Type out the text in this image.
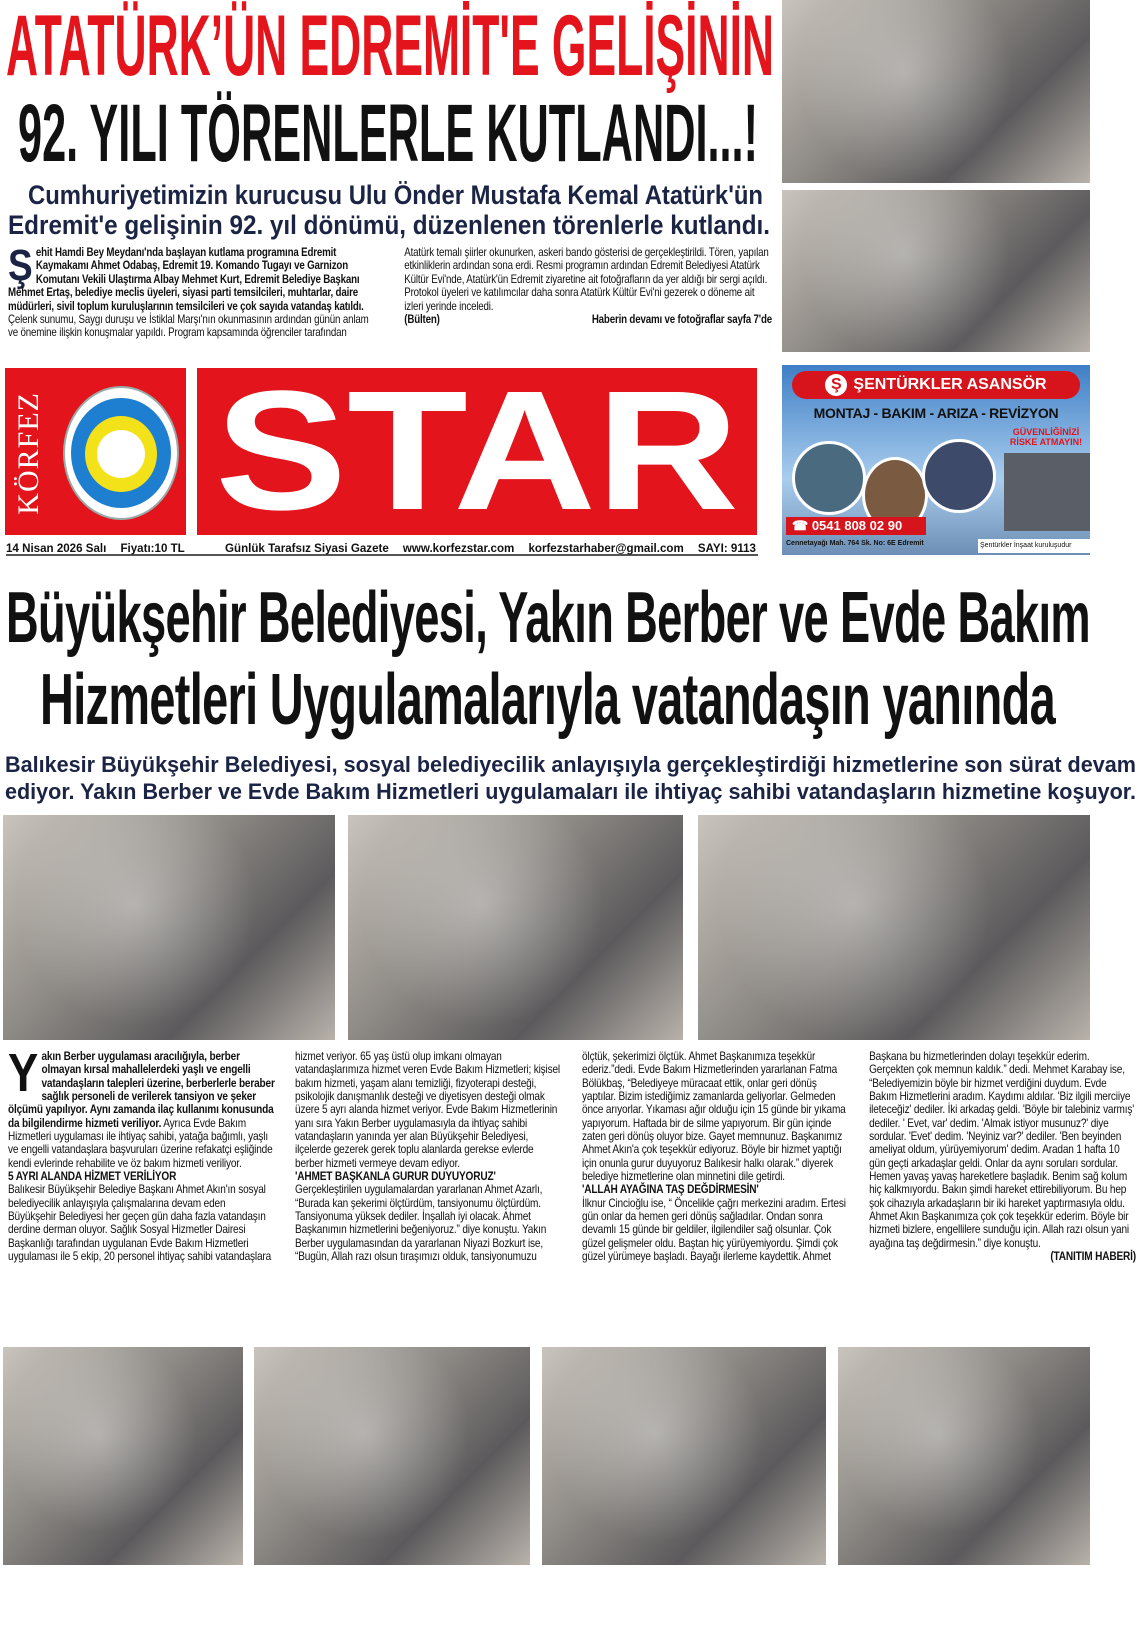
ATATÜRK’ÜN EDREMİT'E GELİŞİNİN
92. YILI TÖRENLERLE KUTLANDI...!
Cumhuriyetimizin kurucusu Ulu Önder Mustafa Kemal Atatürk'ün
Edremit'e gelişinin 92. yıl dönümü, düzenlenen törenlerle kutlandı.
Şehit Hamdi Bey Meydanı'nda başlayan kutlama programına Edremit Kaymakamı Ahmet Odabaş, Edremit 19. Komando Tugayı ve Garnizon Komutanı Vekili Ulaştırma Albay Mehmet Kurt, Edremit Belediye Başkanı Mehmet Ertaş, belediye meclis üyeleri, siyasi parti temsilcileri, muhtarlar, daire müdürleri, sivil toplum kuruluşlarının temsilcileri ve çok sayıda vatandaş katıldı. Çelenk sunumu, Saygı duruşu ve İstiklal Marşı'nın okunmasının ardından günün anlam ve önemine ilişkin konuşmalar yapıldı. Program kapsamında öğrenciler tarafından Atatürk temalı şiirler okunurken, askeri bando gösterisi de gerçekleştirildi. Tören, yapılan etkinliklerin ardından sona erdi. Resmi programın ardından Edremit Belediyesi Atatürk Kültür Evi'nde, Atatürk'ün Edremit ziyaretine ait fotoğrafların da yer aldığı bir sergi açıldı. Protokol üyeleri ve katılımcılar daha sonra Atatürk Kültür Evi'ni gezerek o döneme ait izleri yerinde inceledi.
(Bülten)	Haberin devamı ve fotoğraflar sayfa 7'de
KÖRFEZ STAR
14 Nisan 2026 Salı Fiyatı:10 TL	Günlük Tarafsız Siyasi Gazete www.korfezstar.com korfezstarhaber@gmail.com SAYI: 9113
Ş ŞENTÜRKLER ASANSÖR
MONTAJ - BAKIM - ARIZA - REVİZYON
GÜVENLİĞİNİZİ
RİSKE ATMAYIN!
☎ 0541 808 02 90
Cennetayağı Mah. 764 Sk. No: 6E Edremit	Şentürkler İnşaat kuruluşudur
Büyükşehir Belediyesi, Yakın Berber ve Evde Bakım
Hizmetleri Uygulamalarıyla vatandaşın yanında
Balıkesir Büyükşehir Belediyesi, sosyal belediyecilik anlayışıyla gerçekleştirdiği hizmetlerine son sürat devam
ediyor. Yakın Berber ve Evde Bakım Hizmetleri uygulamaları ile ihtiyaç sahibi vatandaşların hizmetine koşuyor.
Y akın Berber uygulaması aracılığıyla, berber olmayan kırsal mahallelerdeki yaşlı ve engelli vatandaşların talepleri üzerine, berberlerle beraber sağlık personeli de verilerek tansiyon ve şeker ölçümü yapılıyor. Aynı zamanda ilaç kullanımı konusunda da bilgilendirme hizmeti veriliyor. Ayrıca Evde Bakım Hizmetleri uygulaması ile ihtiyaç sahibi, yatağa bağımlı, yaşlı ve engelli vatandaşlara başvuruları üzerine refakatçi eşliğinde kendi evlerinde rehabilite ve öz bakım hizmeti veriliyor.
5 AYRI ALANDA HİZMET VERİLİYOR
Balıkesir Büyükşehir Belediye Başkanı Ahmet Akın'ın sosyal belediyecilik anlayışıyla çalışmalarına devam eden Büyükşehir Belediyesi her geçen gün daha fazla vatandaşın derdine derman oluyor. Sağlık Sosyal Hizmetler Dairesi Başkanlığı tarafından uygulanan Evde Bakım Hizmetleri uygulaması ile 5 ekip, 20 personel ihtiyaç sahibi vatandaşlara hizmet veriyor. 65 yaş üstü olup imkanı olmayan vatandaşlarımıza hizmet veren Evde Bakım Hizmetleri; kişisel bakım hizmeti, yaşam alanı temizliği, fizyoterapi desteği, psikolojik danışmanlık desteği ve diyetisyen desteği olmak üzere 5 ayrı alanda hizmet veriyor. Evde Bakım Hizmetlerinin yanı sıra Yakın Berber uygulamasıyla da ihtiyaç sahibi vatandaşların yanında yer alan Büyükşehir Belediyesi, ilçelerde gezerek gerek toplu alanlarda gerekse evlerde berber hizmeti vermeye devam ediyor.
'AHMET BAŞKANLA GURUR DUYUYORUZ'
Gerçekleştirilen uygulamalardan yararlanan Ahmet Azarlı, “Burada kan şekerimi ölçtürdüm, tansiyonumu ölçtürdüm. Tansiyonuma yüksek dediler. İnşallah iyi olacak. Ahmet Başkanımın hizmetlerini beğeniyoruz.” diye konuştu. Yakın Berber uygulamasından da yararlanan Niyazi Bozkurt ise, “Bugün, Allah razı olsun tıraşımızı olduk, tansiyonumuzu ölçtük, şekerimizi ölçtük. Ahmet Başkanımıza teşekkür ederiz.”dedi. Evde Bakım Hizmetlerinden yararlanan Fatma Bölükbaş, “Belediyeye müracaat ettik, onlar geri dönüş yaptılar. Bizim istediğimiz zamanlarda geliyorlar. Gelmeden önce arıyorlar. Yıkaması ağır olduğu için 15 günde bir yıkama yapıyorum. Haftada bir de silme yapıyorum. Bir gün içinde zaten geri dönüş oluyor bize. Gayet memnunuz. Başkanımız Ahmet Akın'a çok teşekkür ediyoruz. Böyle bir hizmet yaptığı için onunla gurur duyuyoruz Balıkesir halkı olarak.” diyerek belediye hizmetlerine olan minnetini dile getirdi.
'ALLAH AYAĞINA TAŞ DEĞDİRMESİN'
İlknur Cincioğlu ise, “ Öncelikle çağrı merkezini aradım. Ertesi gün onlar da hemen geri dönüş sağladılar. Ondan sonra devamlı 15 günde bir geldiler, ilgilendiler sağ olsunlar. Çok güzel gelişmeler oldu. Baştan hiç yürüyemiyordu. Şimdi çok güzel yürümeye başladı. Bayağı ilerleme kaydettik. Ahmet Başkana bu hizmetlerinden dolayı teşekkür ederim. Gerçekten çok memnun kaldık.” dedi. Mehmet Karabay ise, “Belediyemizin böyle bir hizmet verdiğini duydum. Evde Bakım Hizmetlerini aradım. Kaydımı aldılar. 'Biz ilgili merciiye ileteceğiz' dediler. İki arkadaş geldi. 'Böyle bir talebiniz varmış' dediler. ' Evet, var' dedim. 'Almak istiyor musunuz?' diye sordular. 'Evet' dedim. 'Neyiniz var?' dediler. 'Ben beyinden ameliyat oldum, yürüyemiyorum' dedim. Aradan 1 hafta 10 gün geçti arkadaşlar geldi. Onlar da aynı soruları sordular. Hemen yavaş yavaş hareketlere başladık. Benim sağ kolum hiç kalkmıyordu. Bakın şimdi hareket ettirebiliyorum. Bu hep şok cihazıyla arkadaşların bir iki hareket yaptırmasıyla oldu. Ahmet Akın Başkanımıza çok çok teşekkür ederim. Böyle bir hizmeti bizlere, engellilere sunduğu için. Allah razı olsun yani ayağına taş değdirmesin.” diye konuştu.
(TANITIM HABERİ)
